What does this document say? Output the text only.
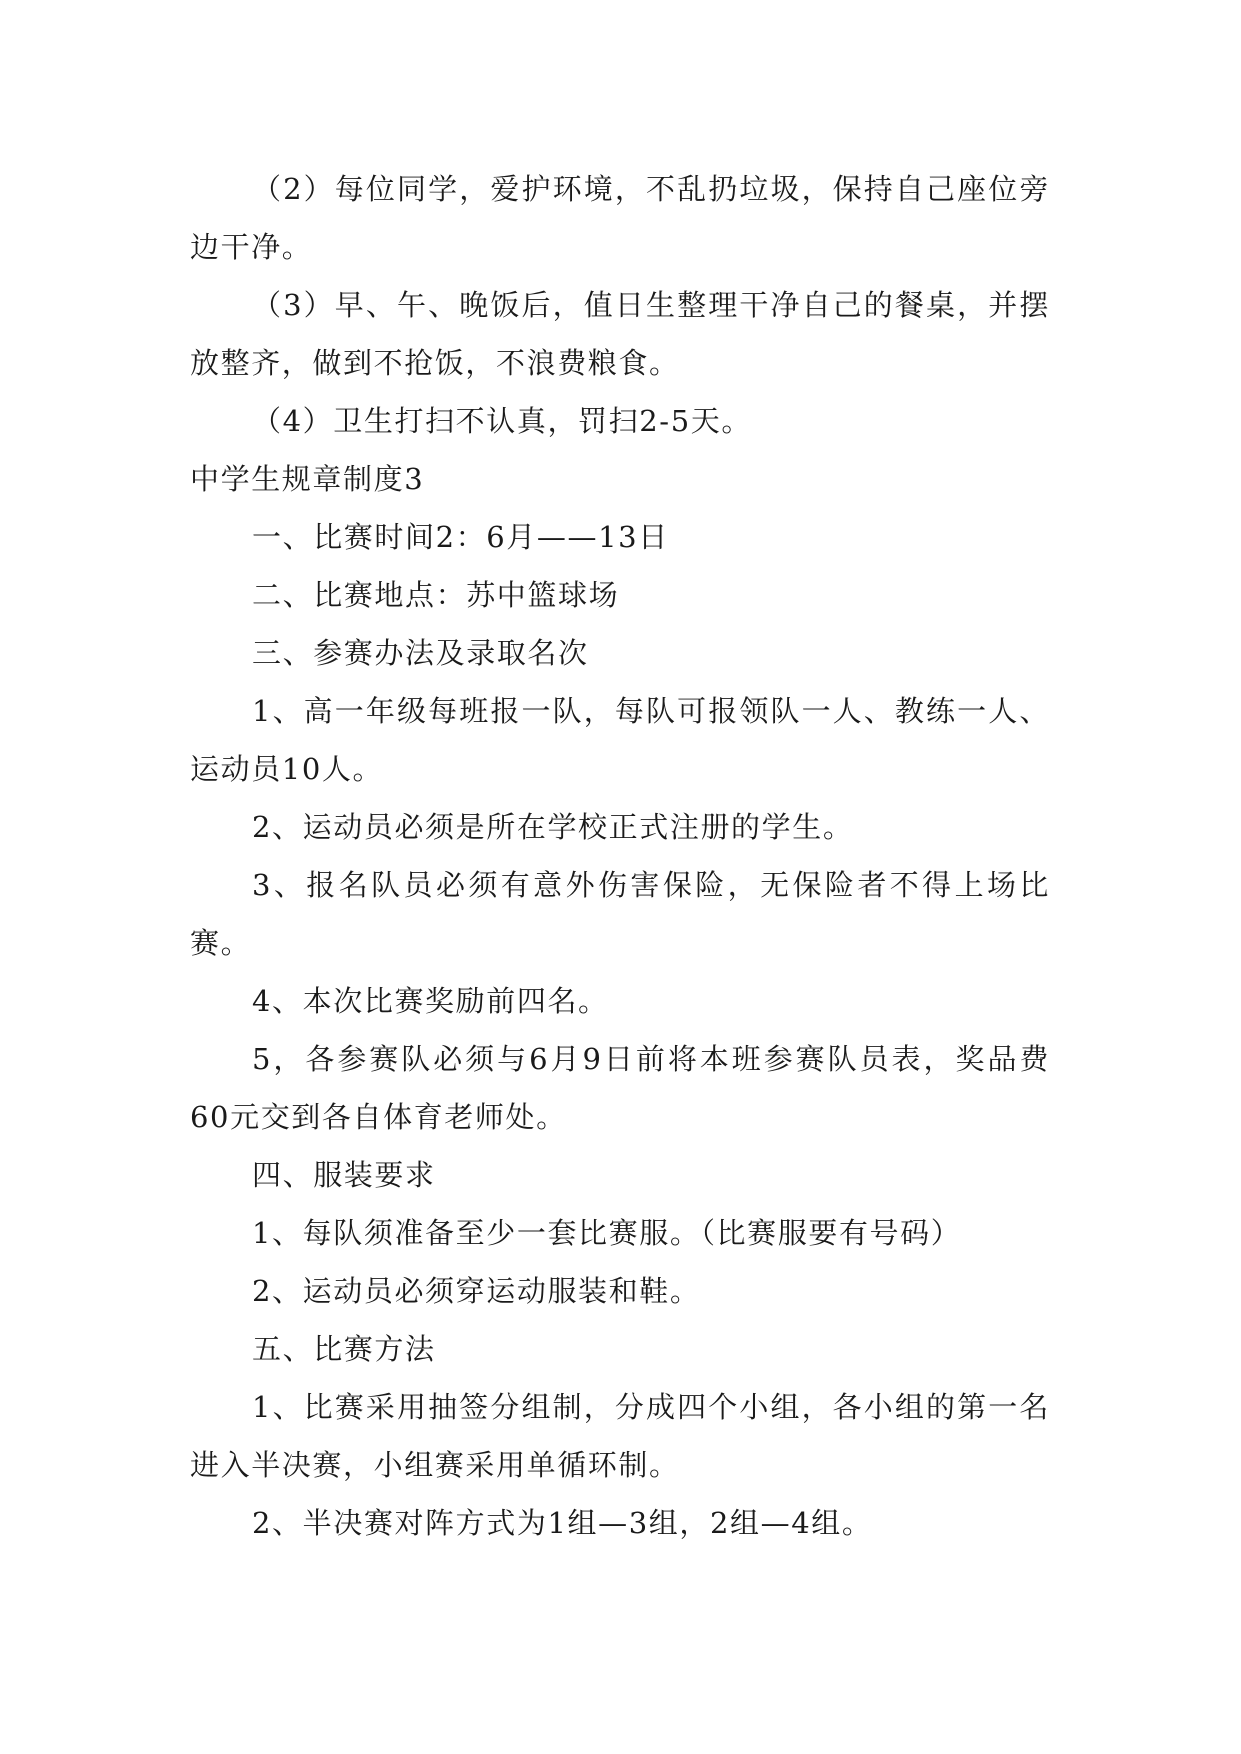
（2）每位同学，爱护环境，不乱扔垃圾，保持自己座位旁边干净。

（3）早、午、晚饭后，值日生整理干净自己的餐桌，并摆放整齐，做到不抢饭，不浪费粮食。

（4）卫生打扫不认真，罚扫2-5天。

中学生规章制度3

一、比赛时间2：6月——13日

二、比赛地点：苏中篮球场

三、参赛办法及录取名次

1、高一年级每班报一队，每队可报领队一人、教练一人、运动员10人。

2、运动员必须是所在学校正式注册的学生。

3、报名队员必须有意外伤害保险，无保险者不得上场比赛。

4、本次比赛奖励前四名。

5，各参赛队必须与6月9日前将本班参赛队员表，奖品费60元交到各自体育老师处。

四、服装要求

1、每队须准备至少一套比赛服。（比赛服要有号码）

2、运动员必须穿运动服装和鞋。

五、比赛方法

1、比赛采用抽签分组制，分成四个小组，各小组的第一名进入半决赛，小组赛采用单循环制。

2、半决赛对阵方式为1组—3组，2组—4组。
